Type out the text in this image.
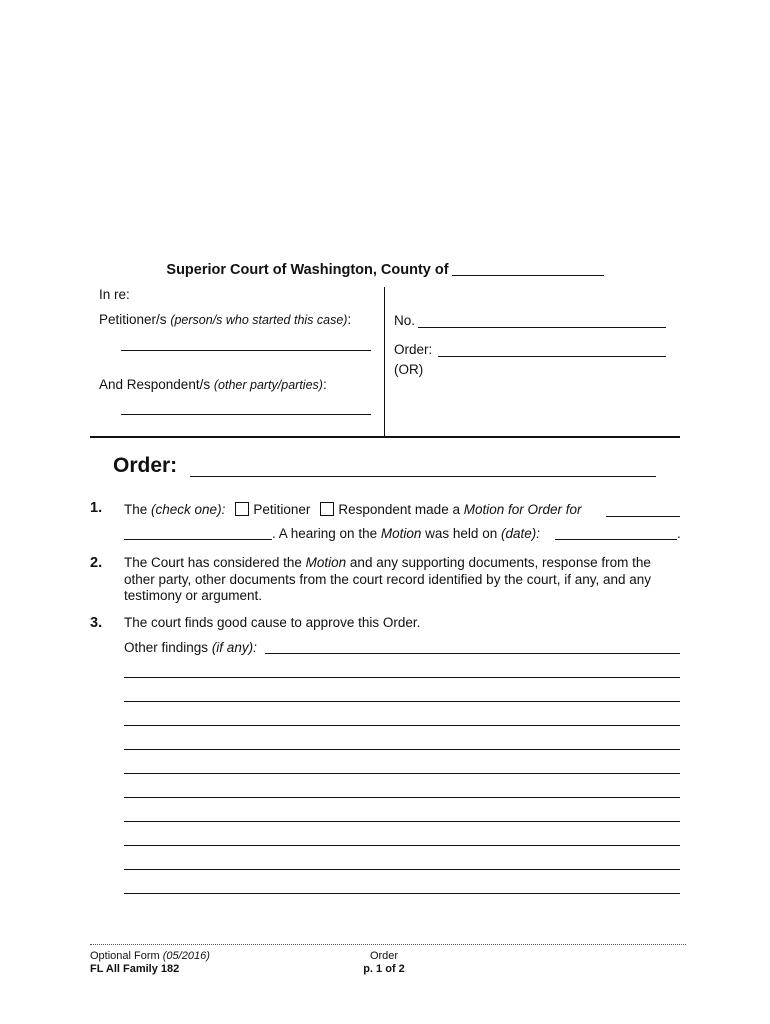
Superior Court of Washington, County of
In re:
Petitioner/s (person/s who started this case):
And Respondent/s (other party/parties):
No.
Order:
(OR)
Order:
1. The (check one): Petitioner Respondent made a Motion for Order for
. A hearing on the Motion was held on (date):	.
2. The Court has considered the Motion and any supporting documents, response from the other party, other documents from the court record identified by the court, if any, and any testimony or argument.
3. The court finds good cause to approve this Order.
Other findings (if any):
Optional Form (05/2016)
FL All Family 182
Order
p. 1 of 2
